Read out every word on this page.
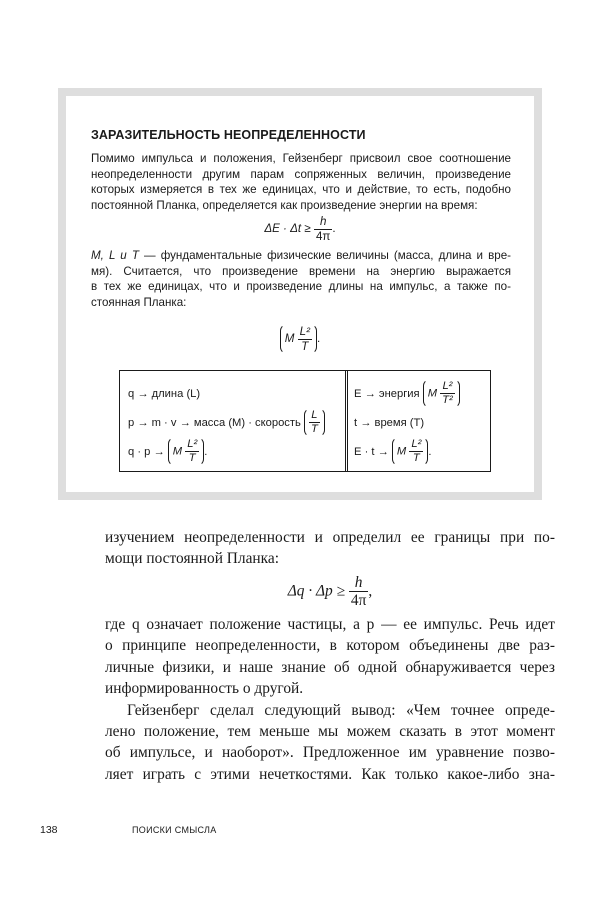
ЗАРАЗИТЕЛЬНОСТЬ НЕОПРЕДЕЛЕННОСТИ
Помимо импульса и положения, Гейзенберг присвоил свое соотношение
неопределенности другим парам сопряженных величин, произведение
которых измеряется в тех же единицах, что и действие, то есть, подобно
постоянной Планка, определяется как произведение энергии на время:
$\Delta E \cdot \Delta t \ge \frac{h}{4\pi}$ .
M, L и T — фундаментальные физические величины (масса, длина и вре-
мя). Считается, что произведение времени на энергию выражается
в тех же единицах, что и произведение длины на импульс, а также по-
стоянная Планка:
M $\frac{\text{L²}}{T}$ .
q → длина (L)
p → m · v → масса (M) · скорость
$\frac{L}{T}$
q · p →
M $\frac{\text{L²}}{T}$ .
E → энергия
M $\frac{\text{L²}}{\text{T²}}$
t → время (T)
E · t →
M $\frac{\text{L²}}{T}$ .
изучением неопределенности и определил ее границы при по-
мощи постоянной Планка:
$\Delta q \cdot \Delta p \ge \frac{h}{4\pi}$ ,
где q означает положение частицы, а p — ее импульс. Речь идет
о принципе неопределенности, в котором объединены две раз-
личные физики, и наше знание об одной обнаруживается через
информированность о другой.
Гейзенберг сделал следующий вывод: «Чем точнее опреде-
лено положение, тем меньше мы можем сказать в этот момент
об импульсе, и наоборот». Предложенное им уравнение позво-
ляет играть с этими нечеткостями. Как только какое-либо зна-
138	ПОИСКИ СМЫСЛА
